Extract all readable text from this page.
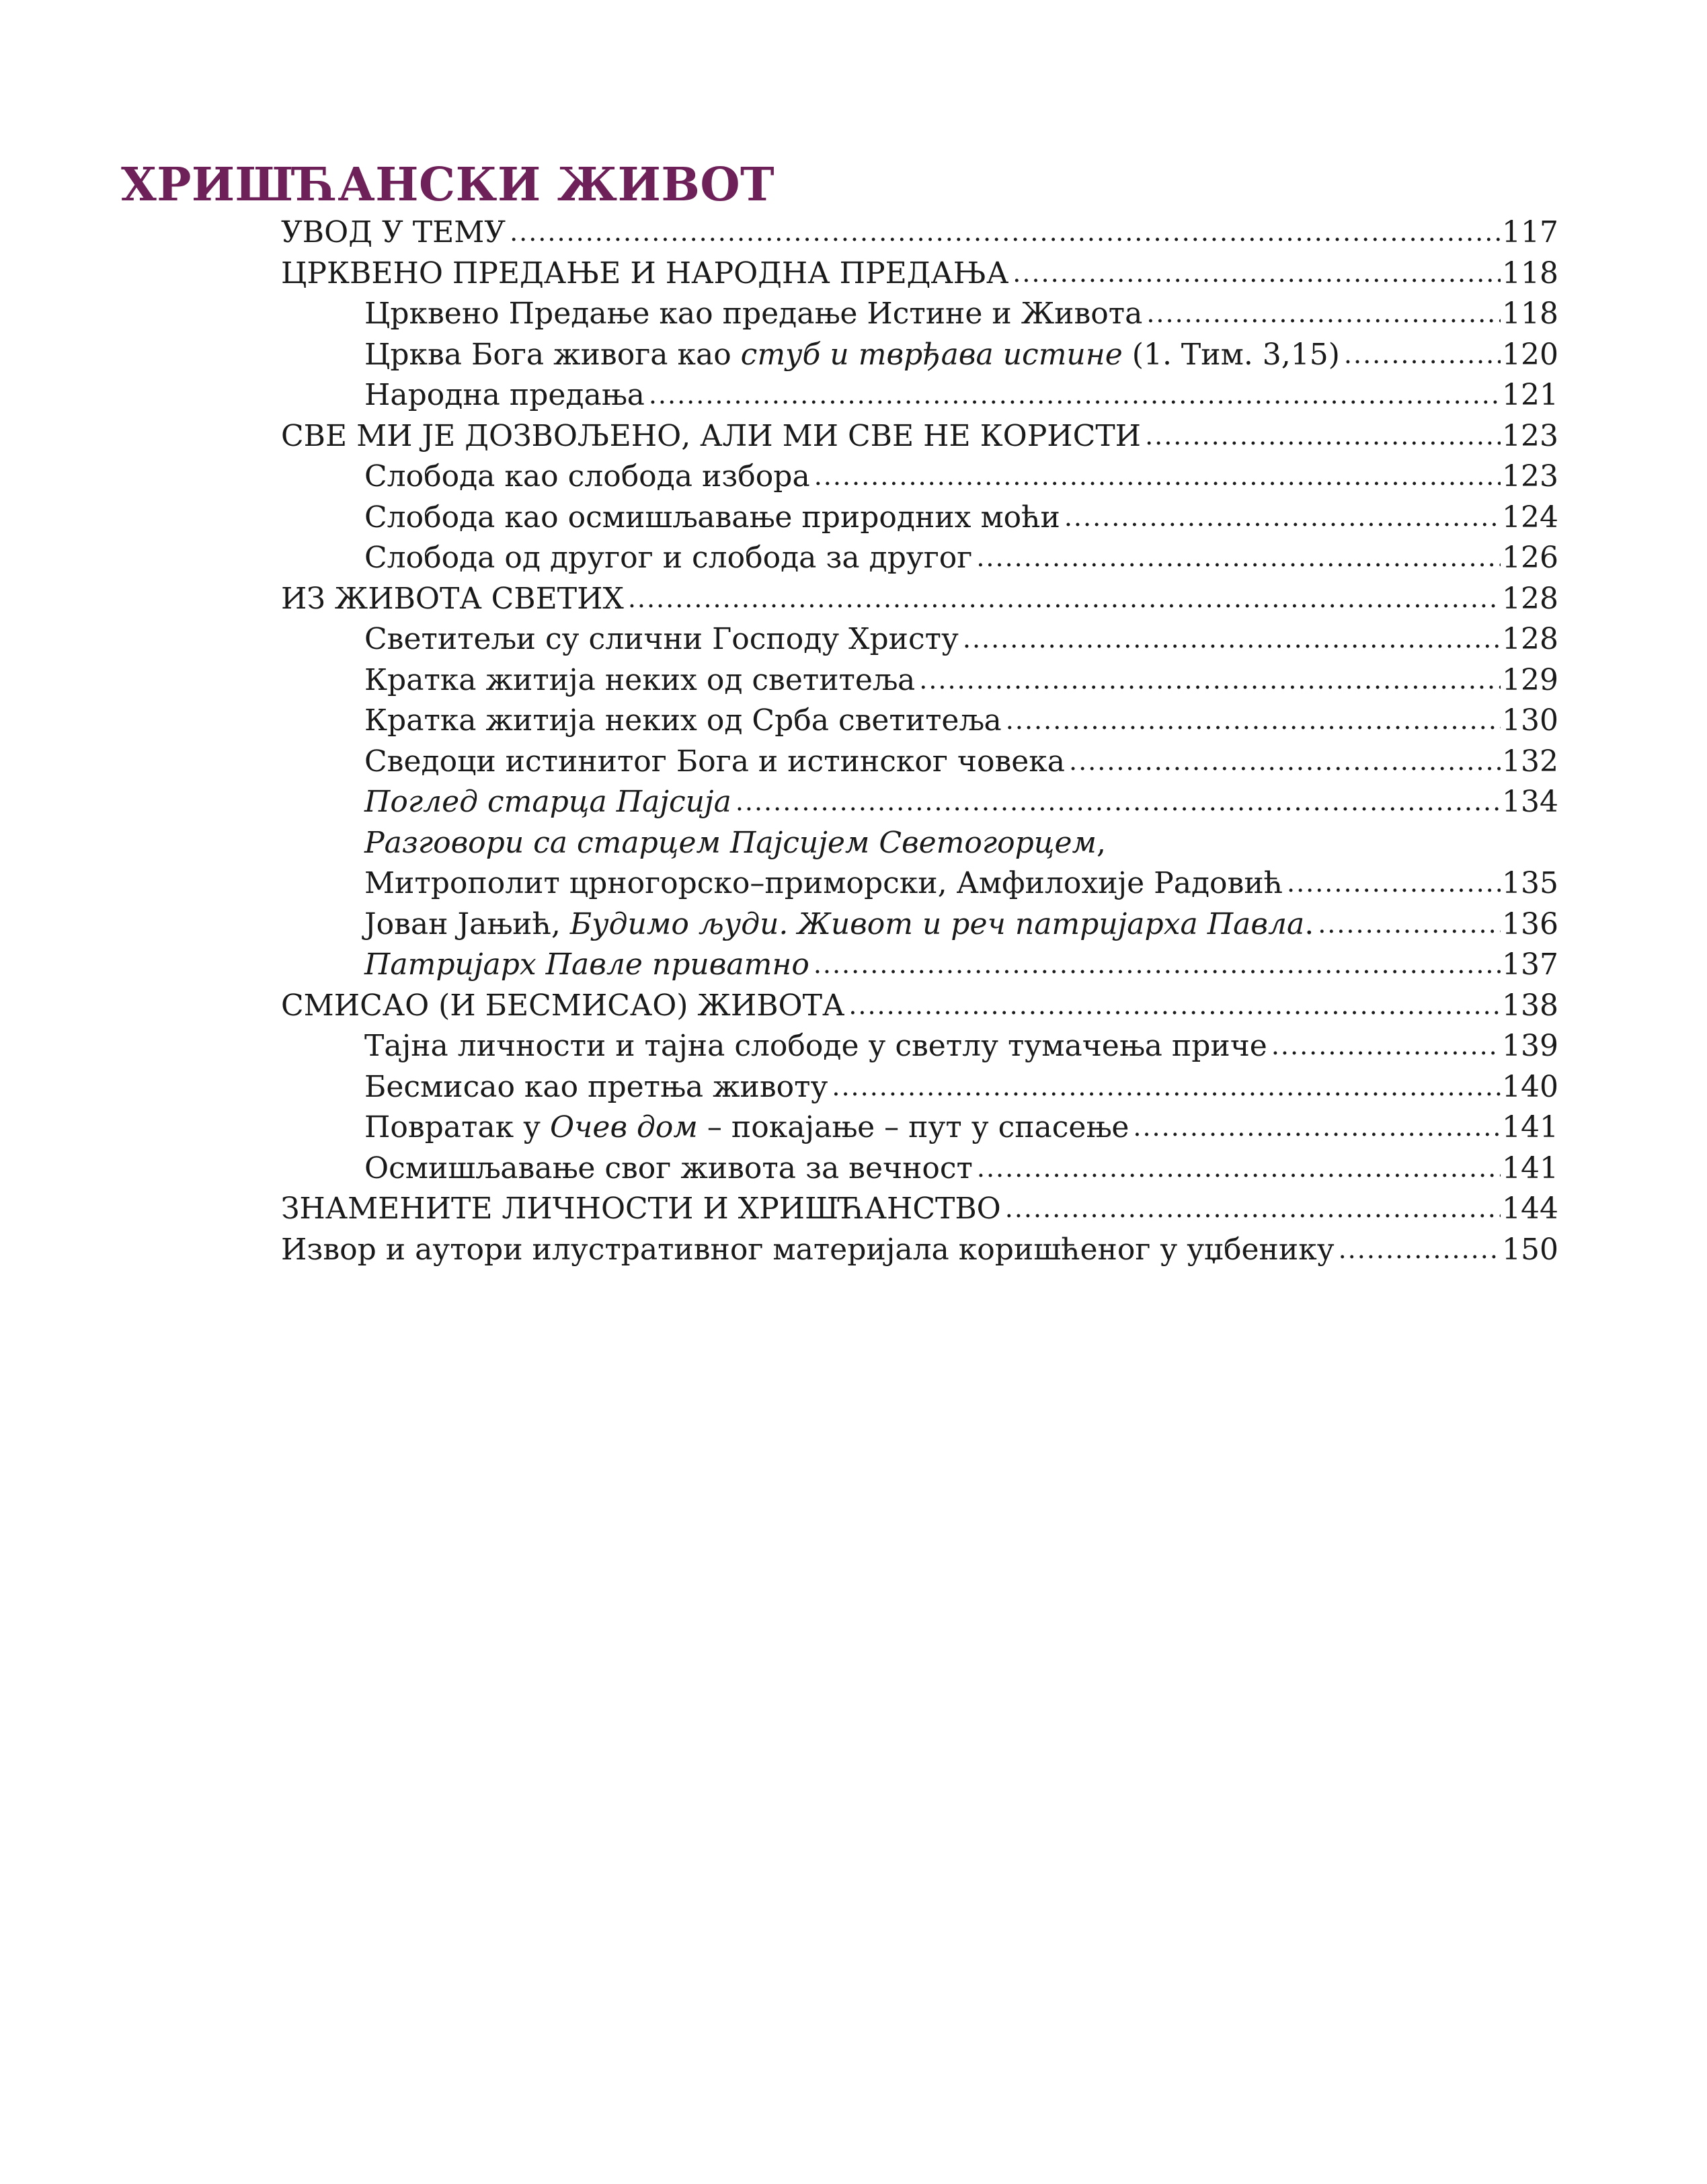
ХРИШЋАНСКИ ЖИВОТ
УВОД У ТЕМУ .....	117
ЦРКВЕНО ПРЕДАЊЕ И НАРОДНА ПРЕДАЊА .....	118
Црквено Предање као предање Истине и Живота .....	118
Црква Бога живога као стуб и тврђава истине (1. Тим. 3,15) .....	120
Народна предања .....	121
СВЕ МИ ЈЕ ДОЗВОЉЕНО, АЛИ МИ СВЕ НЕ КОРИСТИ .....	123
Слобода као слобода избора .....	123
Слобода као осмишљавање природних моћи .....	124
Слобода од другог и слобода за другог .....	126
ИЗ ЖИВОТА СВЕТИХ .....	128
Светитељи су слични Господу Христу .....	128
Кратка житија неких од светитеља .....	129
Кратка житија неких од Срба светитеља .....	130
Сведоци истинитог Бога и истинског човека .....	132
Поглед старца Пајсија .....	134
Разговори са старцем Пајсијем Светогорцем,
Митрополит црногорско–приморски, Амфилохије Радовић .....	135
Јован Јањић, Будимо људи. Живот и реч патријарха Павла. .....	136
Патријарх Павле приватно .....	137
СМИСАО (И БЕСМИСАО) ЖИВОТА .....	138
Тајна личности и тајна слободе у светлу тумачења приче .....	139
Бесмисао као претња животу .....	140
Повратак у Очев дом – покајање – пут у спасење .....	141
Осмишљавање свог живота за вечност .....	141
ЗНАМЕНИТЕ ЛИЧНОСТИ И ХРИШЋАНСТВО .....	144
Извор и аутори илустративног материјала коришћеног у уџбенику .....	150
